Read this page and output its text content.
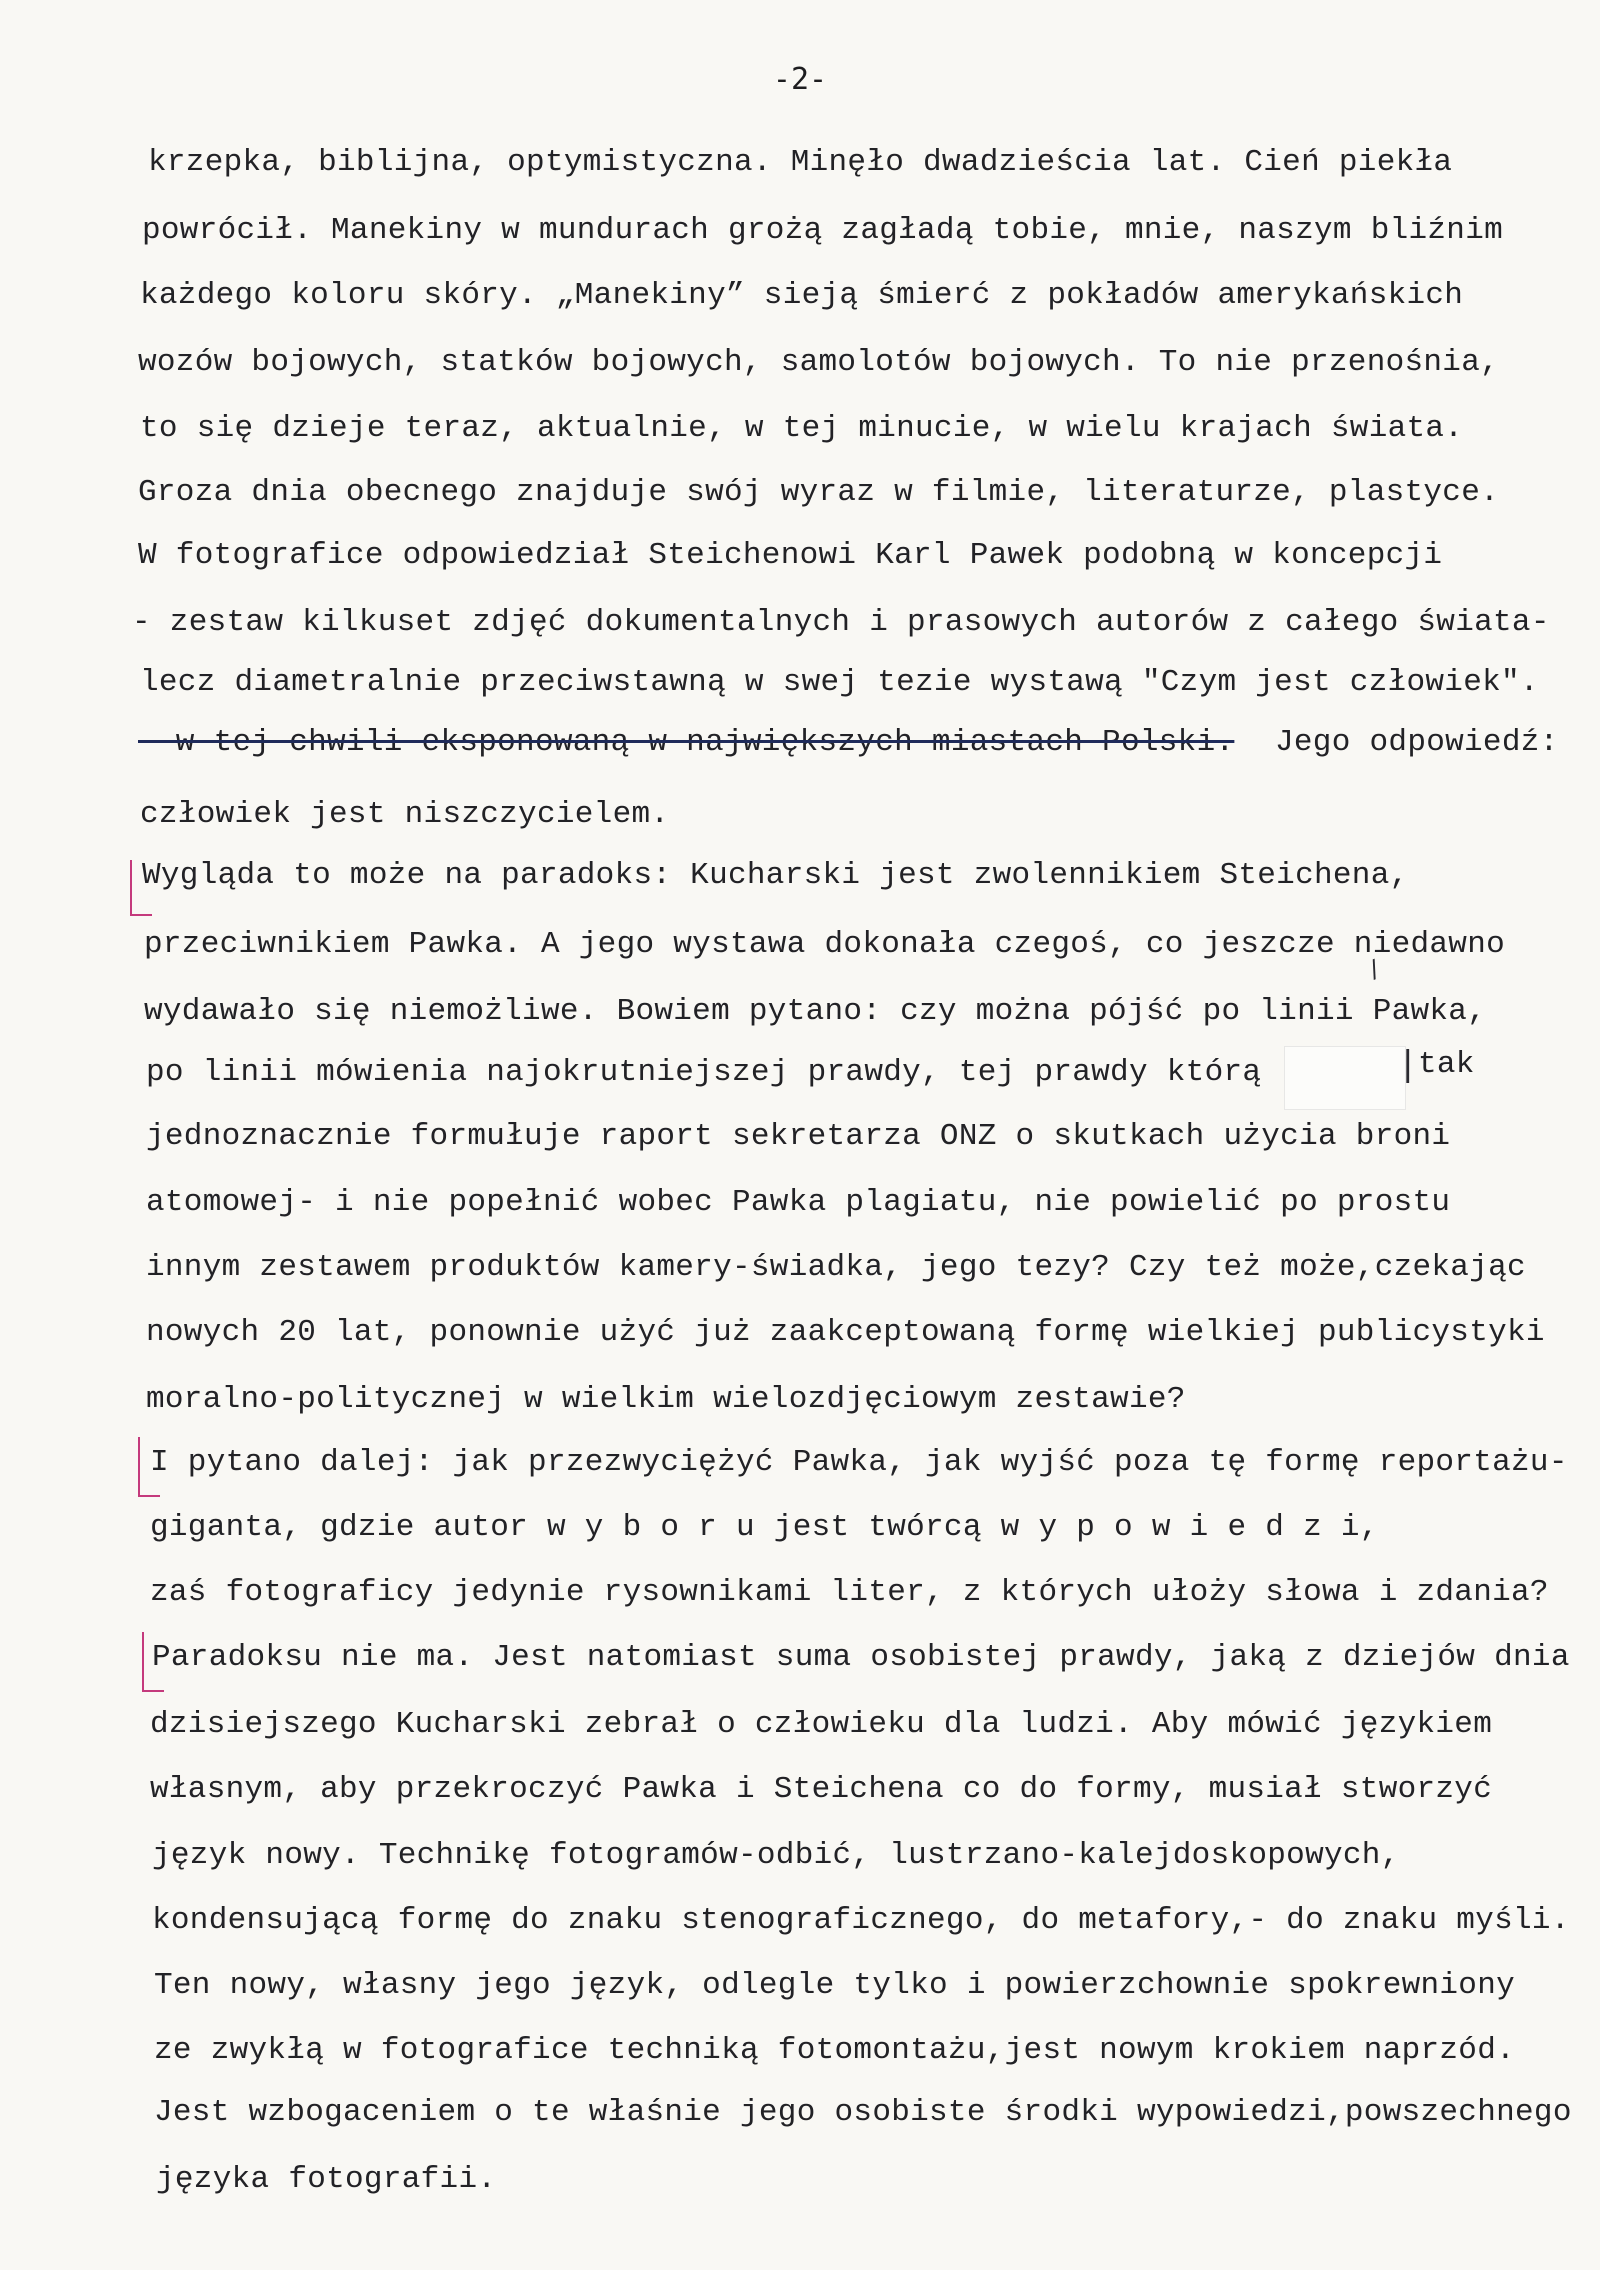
-2-
krzepka, biblijna, optymistyczna. Minęło dwadzieścia lat. Cień piekła
powrócił. Manekiny w mundurach grożą zagładą tobie, mnie, naszym bliźnim
każdego koloru skóry. „Manekiny” sieją śmierć z pokładów amerykańskich
wozów bojowych, statków bojowych, samolotów bojowych. To nie przenośnia,
to się dzieje teraz, aktualnie, w tej minucie, w wielu krajach świata.
Groza dnia obecnego znajduje swój wyraz w filmie, literaturze, plastyce.
W fotografice odpowiedział Steichenowi Karl Pawek podobną w koncepcji
- zestaw kilkuset zdjęć dokumentalnych i prasowych autorów z całego świata-
lecz diametralnie przeciwstawną w swej tezie wystawą "Czym jest człowiek".
- w tej chwili eksponowaną w największych miastach Polski. Jego odpowiedź:
człowiek jest niszczycielem.
Wygląda to może na paradoks: Kucharski jest zwolennikiem Steichena,
przeciwnikiem Pawka. A jego wystawa dokonała czegoś, co jeszcze niedawno
wydawało się niemożliwe. Bowiem pytano: czy można pójść po linii Pawka,
po linii mówienia najokrutniejszej prawdy, tej prawdy którą	tak
jednoznacznie formułuje raport sekretarza ONZ o skutkach użycia broni
atomowej- i nie popełnić wobec Pawka plagiatu, nie powielić po prostu
innym zestawem produktów kamery-świadka, jego tezy? Czy też może,czekając
nowych 20 lat, ponownie użyć już zaakceptowaną formę wielkiej publicystyki
moralno-politycznej w wielkim wielozdjęciowym zestawie?
I pytano dalej: jak przezwyciężyć Pawka, jak wyjść poza tę formę reportażu-
giganta, gdzie autor w y b o r u jest twórcą w y p o w i e d z i,
zaś fotograficy jedynie rysownikami liter, z których ułoży słowa i zdania?
Paradoksu nie ma. Jest natomiast suma osobistej prawdy, jaką z dziejów dnia
dzisiejszego Kucharski zebrał o człowieku dla ludzi. Aby mówić językiem
własnym, aby przekroczyć Pawka i Steichena co do formy, musiał stworzyć
język nowy. Technikę fotogramów-odbić, lustrzano-kalejdoskopowych,
kondensującą formę do znaku stenograficznego, do metafory,- do znaku myśli.
Ten nowy, własny jego język, odlegle tylko i powierzchownie spokrewniony
ze zwykłą w fotografice techniką fotomontażu,jest nowym krokiem naprzód.
Jest wzbogaceniem o te właśnie jego osobiste środki wypowiedzi,powszechnego
języka fotografii.
|
/
